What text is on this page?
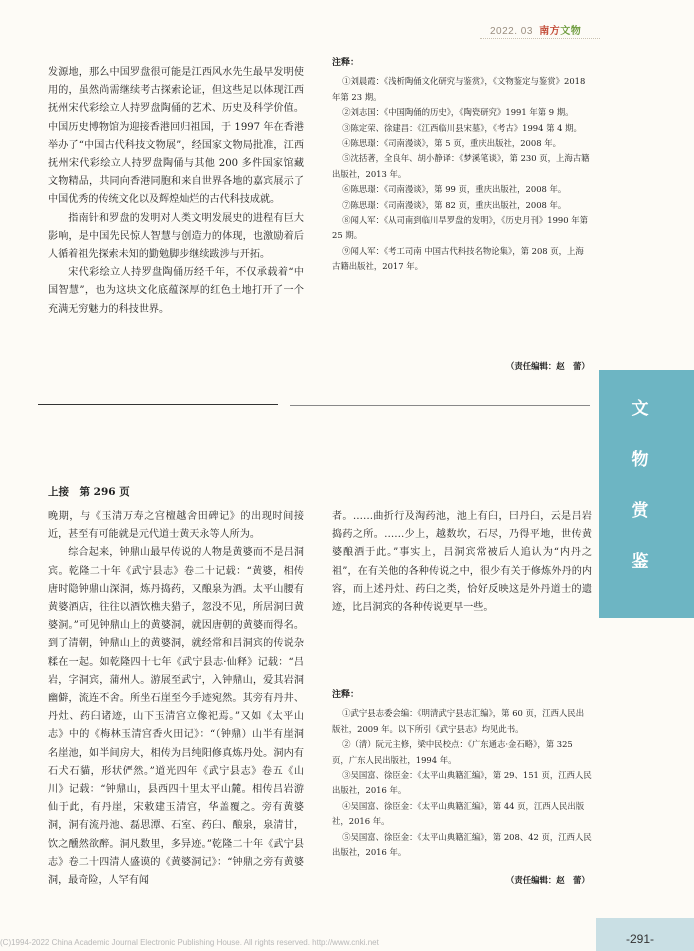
2022. 03 南方文物

发源地，那么中国罗盘很可能是江西风水先生最早发明使用的，虽然尚需继续考古探索论证，但这些足以体现江西抚州宋代彩绘立人持罗盘陶俑的艺术、历史及科学价值。中国历史博物馆为迎接香港回归祖国，于 1997 年在香港举办了“中国古代科技文物展”，经国家文物局批准，江西抚州宋代彩绘立人持罗盘陶俑与其他 200 多件国家馆藏文物精品，共同向香港同胞和来自世界各地的嘉宾展示了中国优秀的传统文化以及辉煌灿烂的古代科技成就。

指南针和罗盘的发明对人类文明发展史的进程有巨大影响，是中国先民惊人智慧与创造力的体现，也激励着后人循着祖先探索未知的勤勉脚步继续跋涉与开拓。

宋代彩绘立人持罗盘陶俑历经千年，不仅承载着“中国智慧”，也为这块文化底蕴深厚的红色土地打开了一个充满无穷魅力的科技世界。

注释：

①刘晨霞：《浅析陶俑文化研究与鉴赏》，《文物鉴定与鉴赏》2018 年第 23 期。

②刘志国：《中国陶俑的历史》，《陶瓷研究》1991 年第 9 期。

③陈定荣、徐建昌：《江西临川县宋墓》，《考古》1994 第 4 期。

④陈思璟：《司南漫谈》，第 5 页，重庆出版社，2008 年。

⑤沈括著，全良年、胡小静译：《梦溪笔谈》，第 230 页，上海古籍出版社，2013 年。

⑥陈思璟：《司南漫谈》，第 99 页，重庆出版社，2008 年。

⑦陈思璟：《司南漫谈》，第 82 页，重庆出版社，2008 年。

⑧闻人军：《从司南到临川旱罗盘的发明》，《历史月刊》1990 年第 25 期。

⑨闻人军：《考工司南 中国古代科技名物论集》，第 208 页，上海古籍出版社，2017 年。

（责任编辑：赵　蕾）
文
物
赏
鉴
上接　第 296 页

晚期，与《玉清万寿之宫檀越舍田碑记》的出现时间接近，甚至有可能就是元代道士黄天永等人所为。

综合起来，钟鼎山最早传说的人物是黄婆而不是吕洞宾。乾隆二十年《武宁县志》卷二十记载：“黄婆，相传唐时隐钟鼎山深洞，炼丹捣药，又酿泉为酒。太平山腰有黄婆酒店，往往以酒饮樵夫猎子，忽没不见，所居洞曰黄婆洞。”可见钟鼎山上的黄婆洞，就因唐朝的黄婆而得名。到了清朝，钟鼎山上的黄婆洞，就经常和吕洞宾的传说杂糅在一起。如乾隆四十七年《武宁县志·仙释》记载：“吕岩，字洞宾，蒲州人。游展至武宁，入钟鼎山，爱其岩洞幽僻，流连不舍。所坐石崖至今手迹宛然。其旁有丹井、丹灶、药臼诸迹，山下玉清宫立像祀焉。”又如《太平山志》中的《梅林玉清宫香火田记》：“（钟鼎）山半有崖洞名崖池，如半间房大，相传为吕纯阳修真炼丹处。洞内有石犬石貓，形状俨然。”道光四年《武宁县志》卷五《山川》记载：“钟鼎山，县西四十里太平山麓。相传吕岩游仙于此，有丹崖，宋敕建玉清宫，华盖覆之。旁有黄婆洞，洞有流丹池、磊思潭、石室、药臼、酿泉，泉清甘，饮之醺然欲醉。洞凡数里，多异迹。”乾隆二十年《武宁县志》卷二十四清人盛谟的《黄婆洞记》：“钟鼎之旁有黄婆洞，最奇险，人罕有闻

者。……曲折行及淘药池，池上有臼，曰丹臼，云是吕岩捣药之所。……少上，越数坎，石尽，乃得平地，世传黄婆酿酒于此。”事实上，吕洞宾常被后人追认为“内丹之祖”，在有关他的各种传说之中，很少有关于修炼外丹的内容，而上述丹灶、药臼之类，恰好反映这是外丹道士的遗迹，比吕洞宾的各种传说更早一些。

注释：

①武宁县志委会编：《明清武宁县志汇编》，第 60 页，江西人民出版社，2009 年。以下所引《武宁县志》均见此书。

②（清）阮元主修，梁中民校点：《广东通志·金石略》，第 325 页，广东人民出版社，1994 年。

③吴国富、徐臣金：《太平山典籍汇编》，第 29、151 页，江西人民出版社，2016 年。

④吴国富、徐臣金：《太平山典籍汇编》，第 44 页，江西人民出版社，2016 年。

⑤吴国富、徐臣金：《太平山典籍汇编》，第 208、42 页，江西人民出版社，2016 年。

（责任编辑：赵　蕾）
-291-
(C)1994-2022 China Academic Journal Electronic Publishing House. All rights reserved. http://www.cnki.net
